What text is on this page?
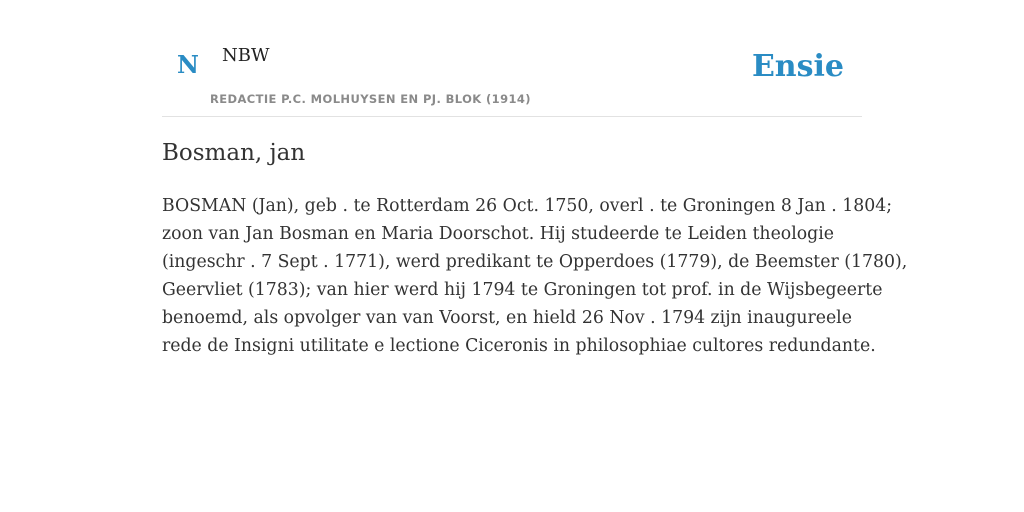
N NBW
REDACTIE P.C. MOLHUYSEN EN PJ. BLOK (1914)
Ensie
Bosman, jan

BOSMAN (Jan), geb . te Rotterdam 26 Oct. 1750, overl . te Groningen 8 Jan . 1804;
zoon van Jan Bosman en Maria Doorschot. Hij studeerde te Leiden theologie
(ingeschr . 7 Sept . 1771), werd predikant te Opperdoes (1779), de Beemster (1780),
Geervliet (1783); van hier werd hij 1794 te Groningen tot prof. in de Wijsbegeerte
benoemd, als opvolger van van Voorst, en hield 26 Nov . 1794 zijn inaugureele
rede de Insigni utilitate e lectione Ciceronis in philosophiae cultores redundante.
